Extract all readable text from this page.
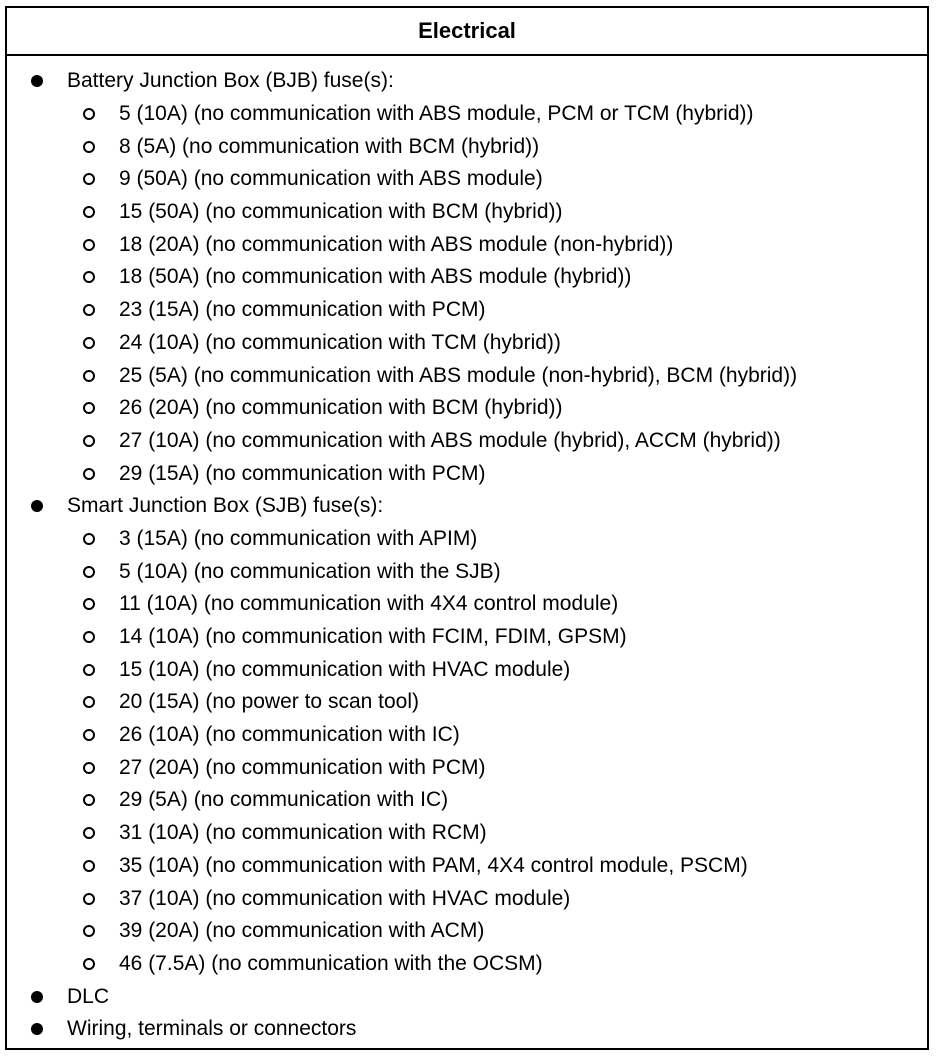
Electrical
Battery Junction Box (BJB) fuse(s):
5 (10A) (no communication with ABS module, PCM or TCM (hybrid))
8 (5A) (no communication with BCM (hybrid))
9 (50A) (no communication with ABS module)
15 (50A) (no communication with BCM (hybrid))
18 (20A) (no communication with ABS module (non-hybrid))
18 (50A) (no communication with ABS module (hybrid))
23 (15A) (no communication with PCM)
24 (10A) (no communication with TCM (hybrid))
25 (5A) (no communication with ABS module (non-hybrid), BCM (hybrid))
26 (20A) (no communication with BCM (hybrid))
27 (10A) (no communication with ABS module (hybrid), ACCM (hybrid))
29 (15A) (no communication with PCM)
Smart Junction Box (SJB) fuse(s):
3 (15A) (no communication with APIM)
5 (10A) (no communication with the SJB)
11 (10A) (no communication with 4X4 control module)
14 (10A) (no communication with FCIM, FDIM, GPSM)
15 (10A) (no communication with HVAC module)
20 (15A) (no power to scan tool)
26 (10A) (no communication with IC)
27 (20A) (no communication with PCM)
29 (5A) (no communication with IC)
31 (10A) (no communication with RCM)
35 (10A) (no communication with PAM, 4X4 control module, PSCM)
37 (10A) (no communication with HVAC module)
39 (20A) (no communication with ACM)
46 (7.5A) (no communication with the OCSM)
DLC
Wiring, terminals or connectors
